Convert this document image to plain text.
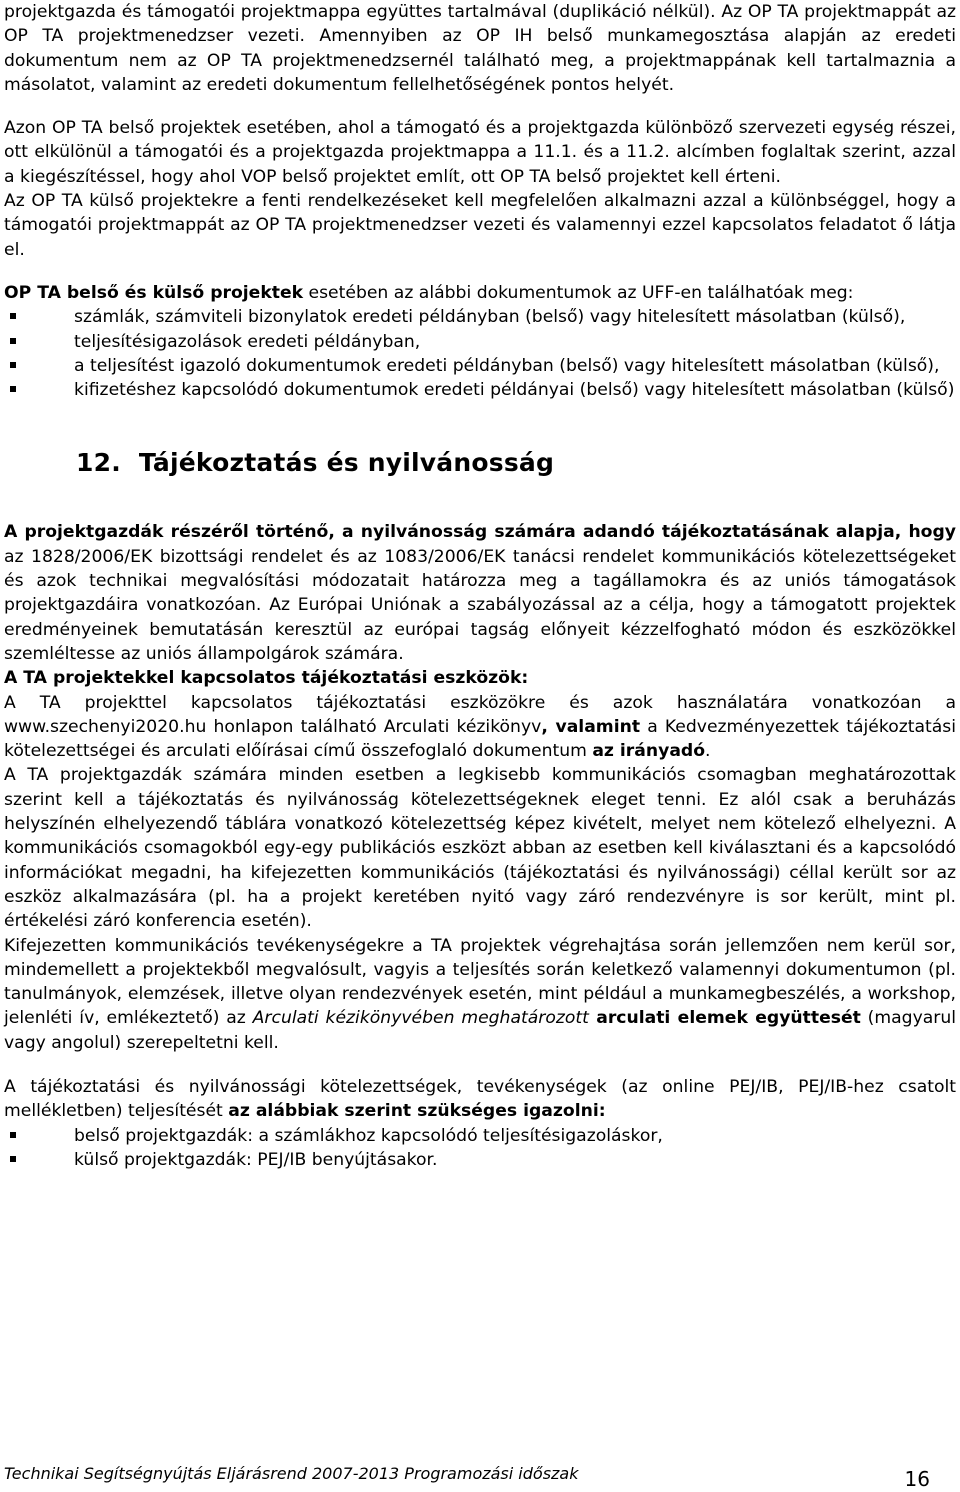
projektgazda és támogatói projektmappa együttes tartalmával (duplikáció nélkül). Az OP TA projektmappát az OP TA projektmenedzser vezeti. Amennyiben az OP IH belső munkamegosztása alapján az eredeti dokumentum nem az OP TA projektmenedzsernél található meg, a projektmappának kell tartalmaznia a másolatot, valamint az eredeti dokumentum fellelhetőségének pontos helyét.

Azon OP TA belső projektek esetében, ahol a támogató és a projektgazda különböző szervezeti egység részei, ott elkülönül a támogatói és a projektgazda projektmappa a 11.1. és a 11.2. alcímben foglaltak szerint, azzal a kiegészítéssel, hogy ahol VOP belső projektet említ, ott OP TA belső projektet kell érteni.

Az OP TA külső projektekre a fenti rendelkezéseket kell megfelelően alkalmazni azzal a különbséggel, hogy a támogatói projektmappát az OP TA projektmenedzser vezeti és valamennyi ezzel kapcsolatos feladatot ő látja el.

OP TA belső és külső projektek esetében az alábbi dokumentumok az UFF-en találhatóak meg:

számlák, számviteli bizonylatok eredeti példányban (belső) vagy hitelesített másolatban (külső),
teljesítésigazolások eredeti példányban,
a teljesítést igazoló dokumentumok eredeti példányban (belső) vagy hitelesített másolatban (külső),
kifizetéshez kapcsolódó dokumentumok eredeti példányai (belső) vagy hitelesített másolatban (külső)
12. Tájékoztatás és nyilvánosság

A projektgazdák részéről történő, a nyilvánosság számára adandó tájékoztatásának alapja, hogy az 1828/2006/EK bizottsági rendelet és az 1083/2006/EK tanácsi rendelet kommunikációs kötelezettségeket és azok technikai megvalósítási módozatait határozza meg a tagállamokra és az uniós támogatások projektgazdáira vonatkozóan. Az Európai Uniónak a szabályozással az a célja, hogy a támogatott projektek eredményeinek bemutatásán keresztül az európai tagság előnyeit kézzelfogható módon és eszközökkel szemléltesse az uniós állampolgárok számára.

A TA projektekkel kapcsolatos tájékoztatási eszközök:

A TA projekttel kapcsolatos tájékoztatási eszközökre és azok használatára vonatkozóan a www.szechenyi2020.hu honlapon található Arculati kézikönyv, valamint a Kedvezményezettek tájékoztatási kötelezettségei és arculati előírásai című összefoglaló dokumentum az irányadó.

A TA projektgazdák számára minden esetben a legkisebb kommunikációs csomagban meghatározottak szerint kell a tájékoztatás és nyilvánosság kötelezettségeknek eleget tenni. Ez alól csak a beruházás helyszínén elhelyezendő táblára vonatkozó kötelezettség képez kivételt, melyet nem kötelező elhelyezni. A kommunikációs csomagokból egy-egy publikációs eszközt abban az esetben kell kiválasztani és a kapcsolódó információkat megadni, ha kifejezetten kommunikációs (tájékoztatási és nyilvánossági) céllal került sor az eszköz alkalmazására (pl. ha a projekt keretében nyitó vagy záró rendezvényre is sor került, mint pl. értékelési záró konferencia esetén).

Kifejezetten kommunikációs tevékenységekre a TA projektek végrehajtása során jellemzően nem kerül sor, mindemellett a projektekből megvalósult, vagyis a teljesítés során keletkező valamennyi dokumentumon (pl. tanulmányok, elemzések, illetve olyan rendezvények esetén, mint például a munkamegbeszélés, a workshop, jelenléti ív, emlékeztető) az Arculati kézikönyvében meghatározott arculati elemek együttesét (magyarul vagy angolul) szerepeltetni kell.

A tájékoztatási és nyilvánossági kötelezettségek, tevékenységek (az online PEJ/IB, PEJ/IB-hez csatolt mellékletben) teljesítését az alábbiak szerint szükséges igazolni:

belső projektgazdák: a számlákhoz kapcsolódó teljesítésigazoláskor,
külső projektgazdák: PEJ/IB benyújtásakor.
Technikai Segítségnyújtás Eljárásrend 2007-2013 Programozási időszak	16
